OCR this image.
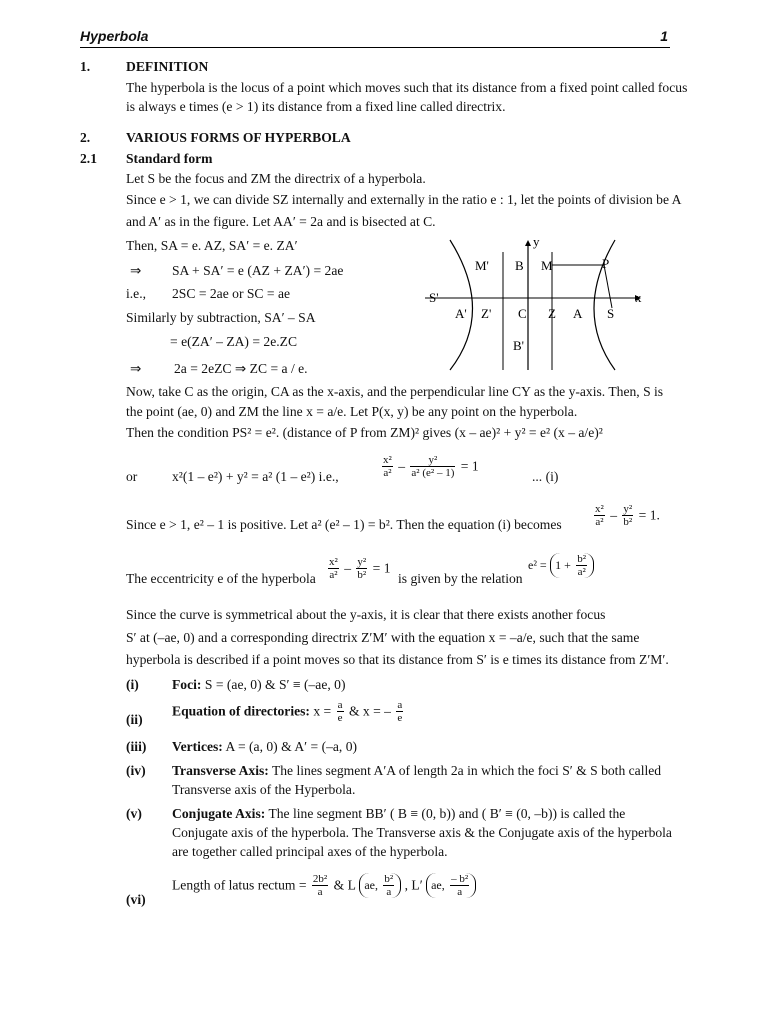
Hyperbola	1
1.	DEFINITION
The hyperbola is the locus of a point which moves such that its distance from a fixed point called focus
is always e times (e > 1) its distance from a fixed line called directrix.
2.	VARIOUS FORMS OF HYPERBOLA
2.1 Standard form
Let S be the focus and ZM the directrix of a hyperbola.
Since e > 1, we can divide SZ internally and externally in the ratio e : 1, let the points of division be A
and A′ as in the figure. Let AA′ = 2a and is bisected at C.
Then, SA = e. AZ, SA′ = e. ZA′
⇒ SA + SA′ = e (AZ + ZA′) = 2ae
i.e., 2SC = 2ae or SC = ae
Similarly by subtraction, SA′ – SA
= e(ZA′ – ZA) = 2e.ZC
⇒ 2a = 2eZC ⇒ ZC = a / e.
y
x
M' B M	P
S'
A' Z' C Z A S
B'
Now, take C as the origin, CA as the x-axis, and the perpendicular line CY as the y-axis. Then, S is
the point (ae, 0) and ZM the line x = a/e. Let P(x, y) be any point on the hyperbola.
Then the condition PS² = e². (distance of P from ZM)² gives (x – ae)² + y² = e² (x – a/e)²
or	x²(1 – e²) + y² = a² (1 – e²) i.e.,	$\frac{\text{x²}}{\text{a²}} - \frac{\text{y²}}{\text{a² (e² – 1)}} = 1$
... (i)
Since e > 1, e² – 1 is positive. Let a² (e² – 1) = b². Then the equation (i) becomes	$\frac{\text{x²}}{\text{a²}} - \frac{\text{y²}}{\text{b²}} = 1$.
The eccentricity e of the hyperbola $\frac{\text{x²}}{\text{a²}} - \frac{\text{y²}}{\text{b²}} = 1$
is given by the relation
$e^2 = 1 + \frac{\text{b²}}{\text{a²}}$
Since the curve is symmetrical about the y-axis, it is clear that there exists another focus
S′ at (–ae, 0) and a corresponding directrix Z′M′ with the equation x = –a/e, such that the same
hyperbola is described if a point moves so that its distance from S′ is e times its distance from Z′M′.
(i) Foci: S = (ae, 0) & S′ ≡ (–ae, 0)
(ii)
Equation of directories: $x = \frac{a}{e}$ & x = – $\frac{a}{e}$
(iii) Vertices: A = (a, 0) & A′ = (–a, 0)
(iv) Transverse Axis: The lines segment A′A of length 2a in which the foci S′ & S both called
Transverse axis of the Hyperbola.
(v) Conjugate Axis: The line segment BB′ ( B ≡ (0, b)) and ( B′ ≡ (0, –b)) is called the
Conjugate axis of the hyperbola. The Transverse axis & the Conjugate axis of the hyperbola
are together called principal axes of the hyperbola.
(vi)
Length of latus rectum = $\frac{\text{2b²}}{a}$ & L ae, $\frac{\text{b²}}{a}$ , L′ ae, $\frac{\text{– b²}}{a}$
